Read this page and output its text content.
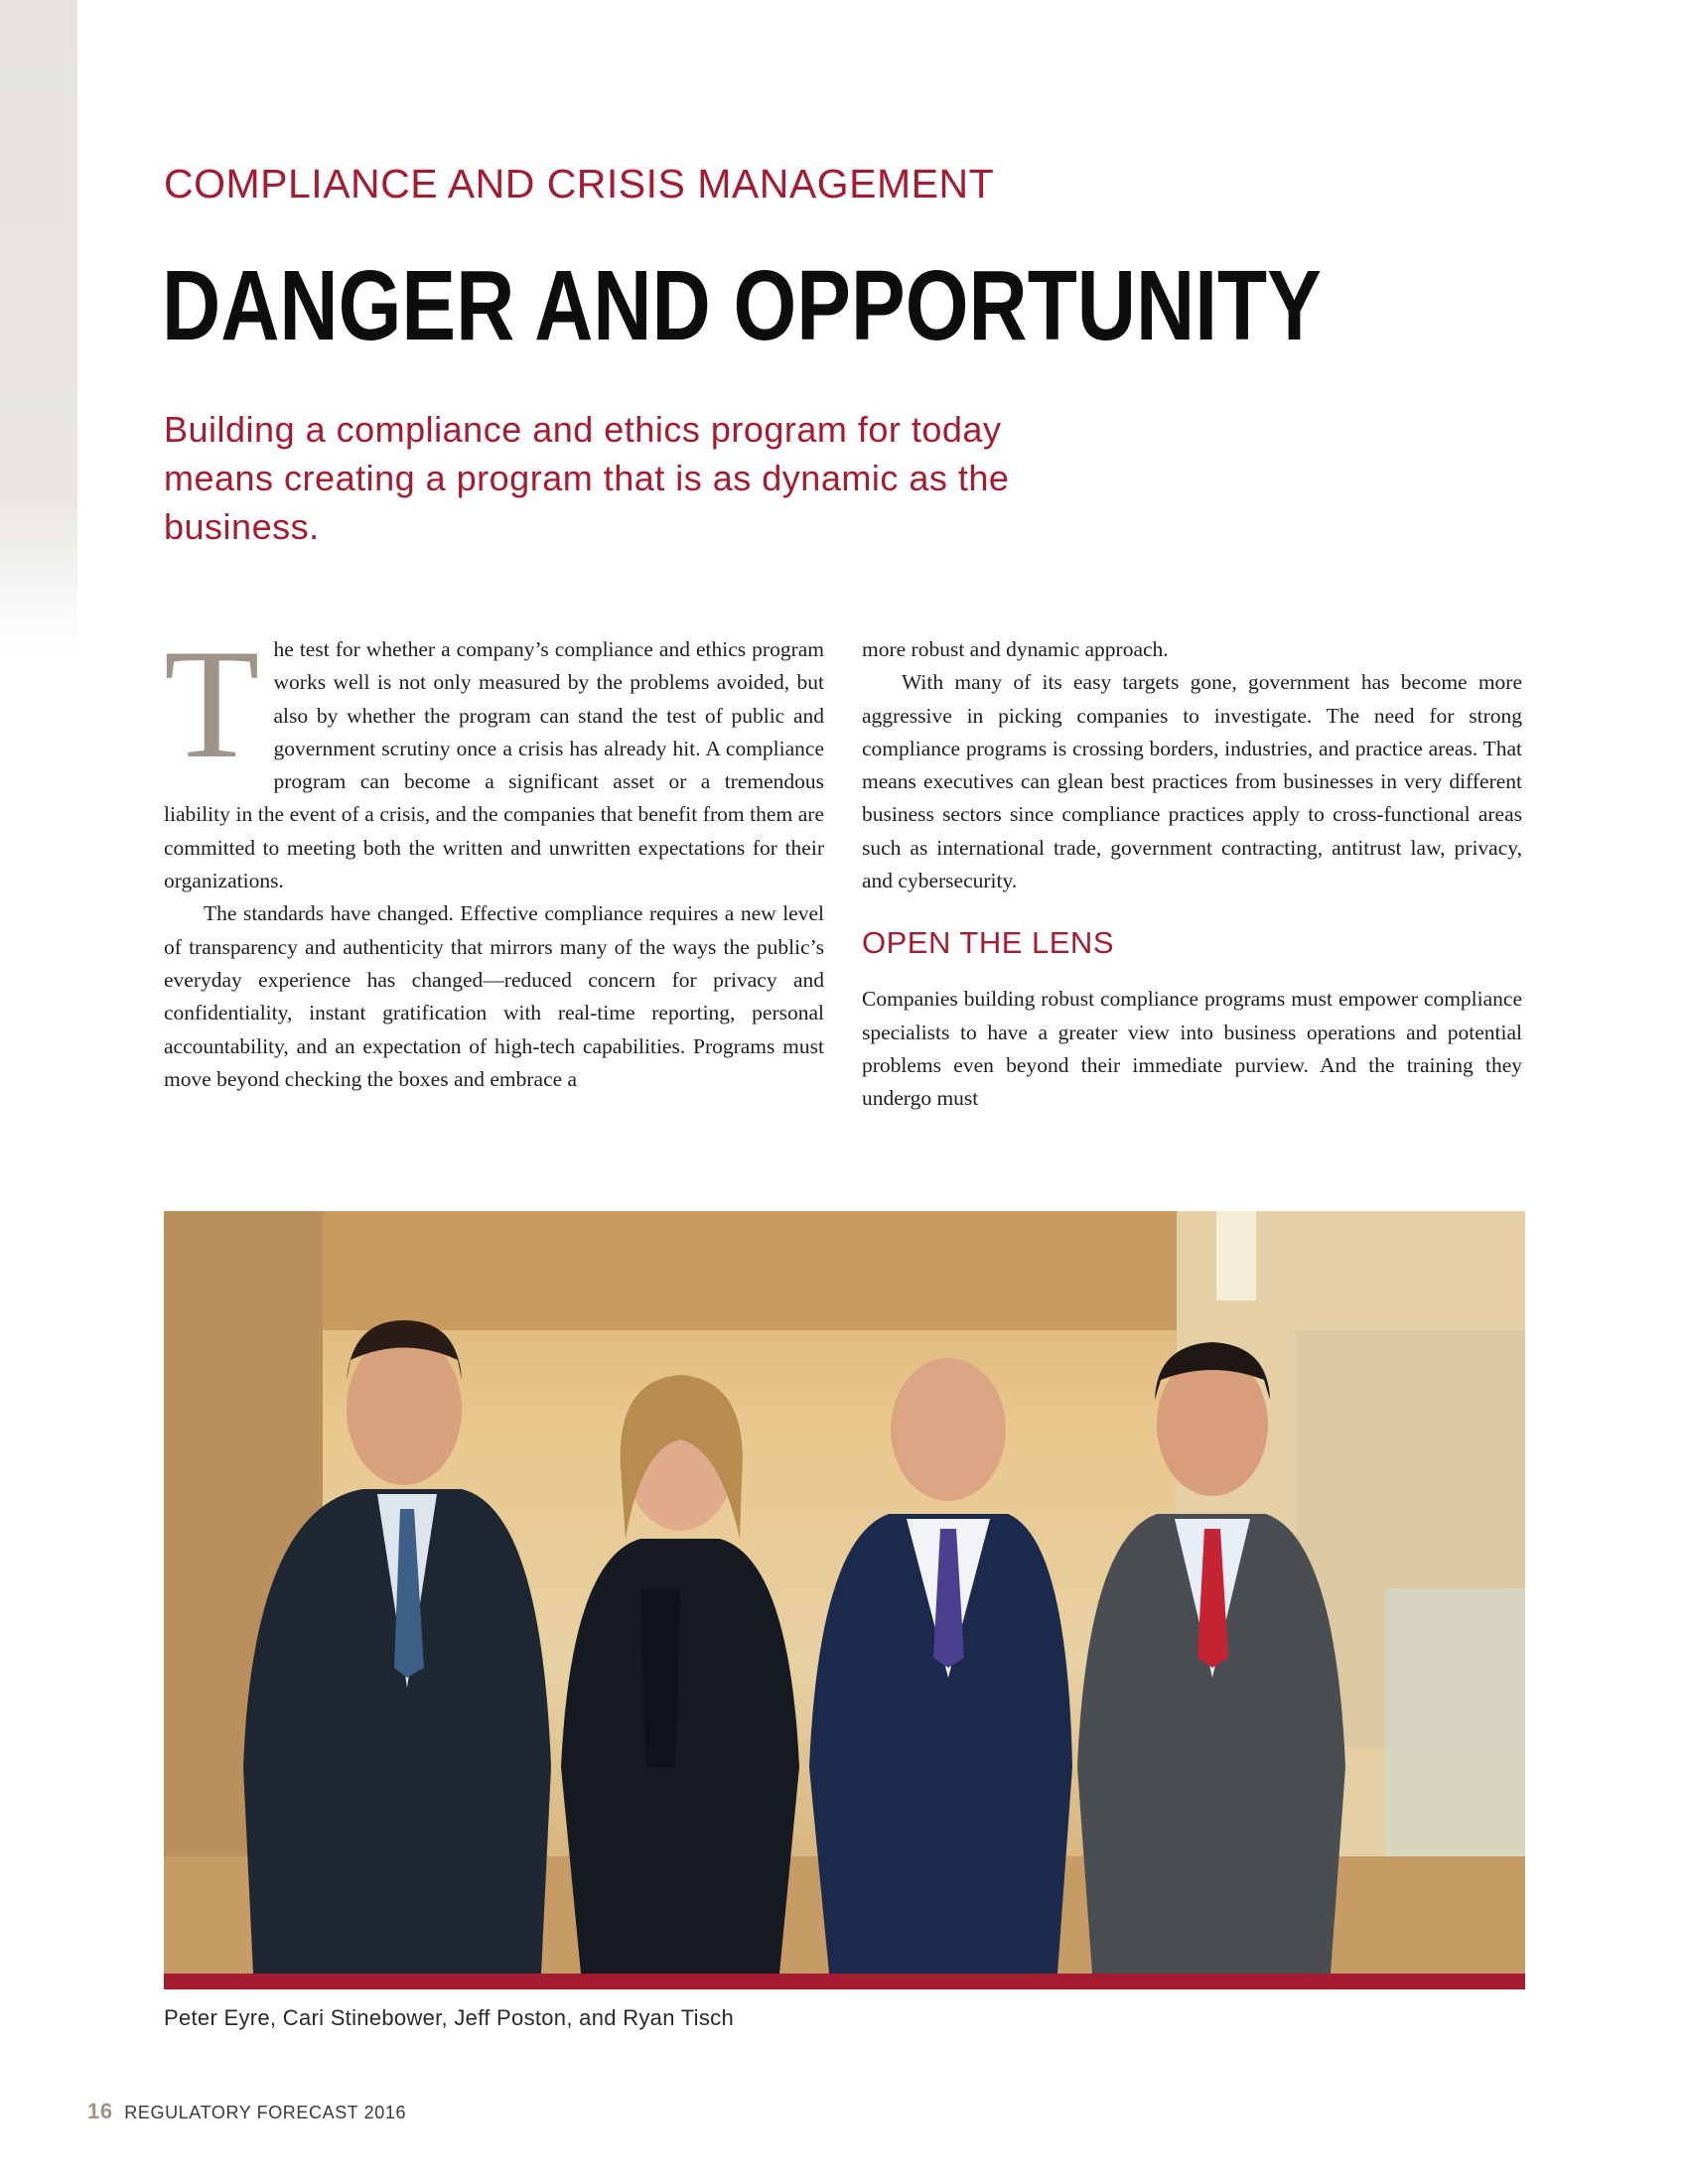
COMPLIANCE AND CRISIS MANAGEMENT
DANGER AND OPPORTUNITY
Building a compliance and ethics program for today means creating a program that is as dynamic as the business.

The test for whether a company’s compliance and ethics program works well is not only measured by the problems avoided, but also by whether the program can stand the test of public and government scrutiny once a crisis has already hit. A compliance program can become a significant asset or a tremendous liability in the event of a crisis, and the companies that benefit from them are committed to meeting both the written and unwritten expectations for their organizations.

The standards have changed. Effective compliance requires a new level of transparency and authenticity that mirrors many of the ways the public’s everyday experience has changed—reduced concern for privacy and confidentiality, instant gratification with real-time reporting, personal accountability, and an expectation of high-tech capabilities. Programs must move beyond checking the boxes and embrace a

more robust and dynamic approach.

With many of its easy targets gone, government has become more aggressive in picking companies to investigate. The need for strong compliance programs is crossing borders, industries, and practice areas. That means executives can glean best practices from businesses in very different business sectors since compliance practices apply to cross-functional areas such as international trade, government contracting, antitrust law, privacy, and cybersecurity.

OPEN THE LENS

Companies building robust compliance programs must empower compliance specialists to have a greater view into business operations and potential problems even beyond their immediate purview. And the training they undergo must

Peter Eyre, Cari Stinebower, Jeff Poston, and Ryan Tisch
16 REGULATORY FORECAST 2016
